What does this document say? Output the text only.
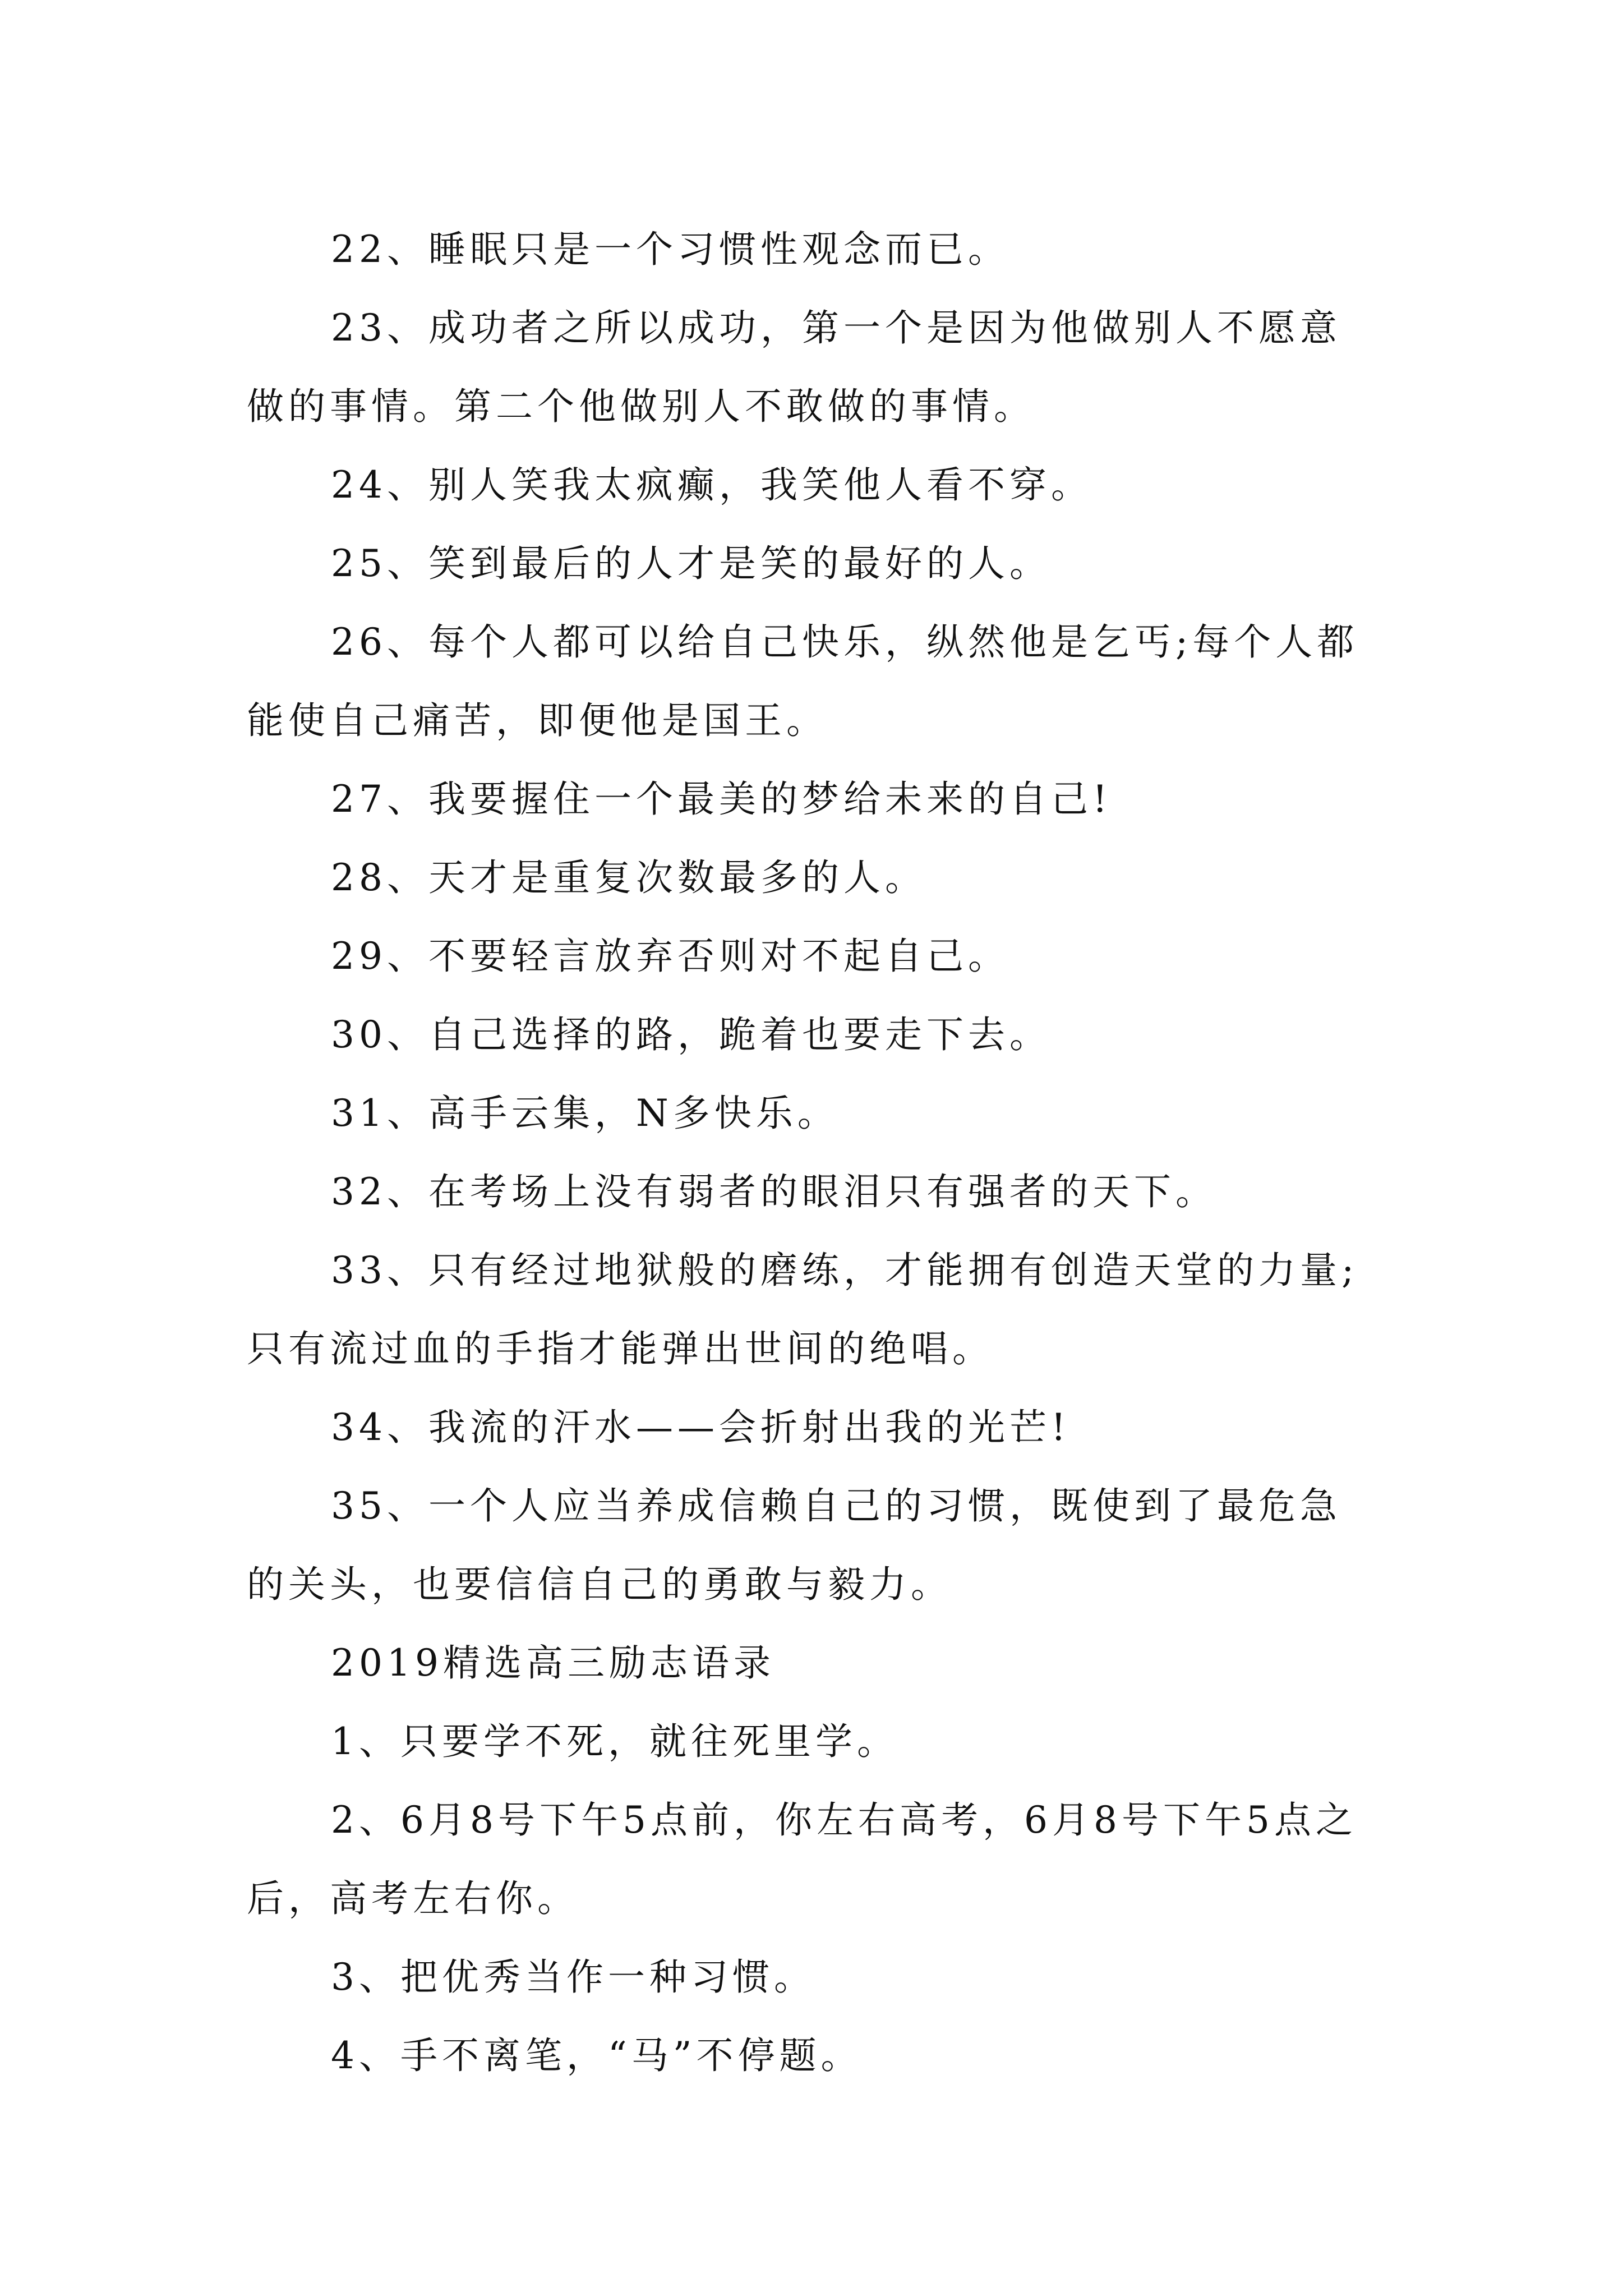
22、睡眠只是一个习惯性观念而已。

23、成功者之所以成功，第一个是因为他做别人不愿意做的事情。第二个他做别人不敢做的事情。

24、别人笑我太疯癫，我笑他人看不穿。

25、笑到最后的人才是笑的最好的人。

26、每个人都可以给自己快乐，纵然他是乞丐;每个人都能使自己痛苦，即便他是国王。

27、我要握住一个最美的梦给未来的自己!

28、天才是重复次数最多的人。

29、不要轻言放弃否则对不起自己。

30、自己选择的路，跪着也要走下去。

31、高手云集，N多快乐。

32、在考场上没有弱者的眼泪只有强者的天下。

33、只有经过地狱般的磨练，才能拥有创造天堂的力量;只有流过血的手指才能弹出世间的绝唱。

34、我流的汗水——会折射出我的光芒!

35、一个人应当养成信赖自己的习惯，既使到了最危急的关头，也要信信自己的勇敢与毅力。

2019精选高三励志语录

1、只要学不死，就往死里学。

2、6月8号下午5点前，你左右高考，6月8号下午5点之后，高考左右你。

3、把优秀当作一种习惯。

4、手不离笔，“马”不停题。
